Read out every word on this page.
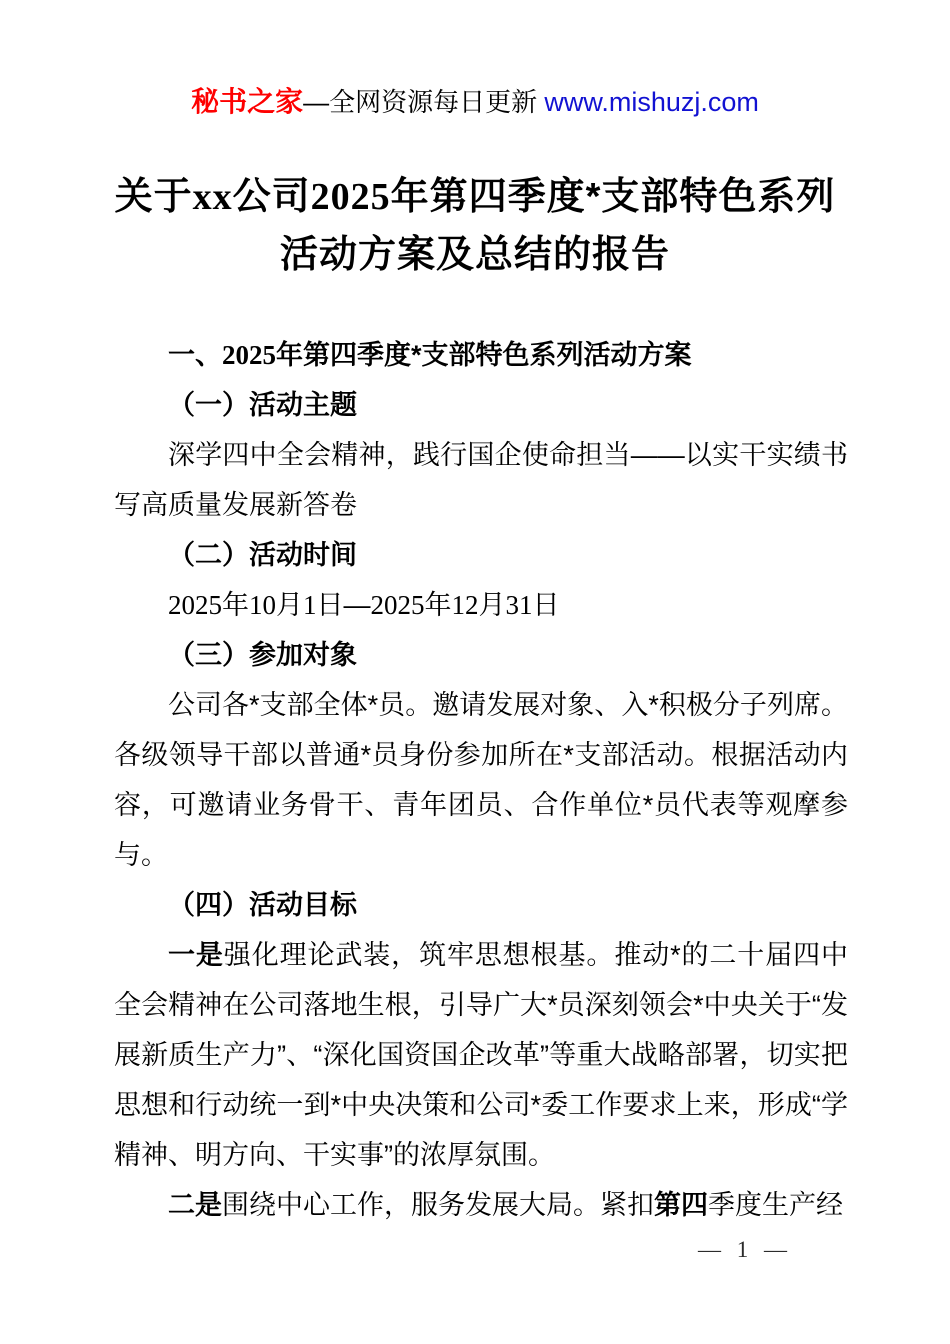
秘书之家—全网资源每日更新 www.mishuzj.com
关于xx公司2025年第四季度*支部特色系列
活动方案及总结的报告

一、2025年第四季度*支部特色系列活动方案

（一）活动主题

深学四中全会精神，践行国企使命担当——以实干实绩书写高质量发展新答卷

（二）活动时间

2025年10月1日—2025年12月31日

（三）参加对象

公司各*支部全体*员。邀请发展对象、入*积极分子列席。各级领导干部以普通*员身份参加所在*支部活动。根据活动内容，可邀请业务骨干、青年团员、合作单位*员代表等观摩参与。

（四）活动目标

一是强化理论武装，筑牢思想根基。推动*的二十届四中全会精神在公司落地生根，引导广大*员深刻领会*中央关于“发展新质生产力”、“深化国资国企改革”等重大战略部署，切实把思想和行动统一到*中央决策和公司*委工作要求上来，形成“学精神、明方向、干实事”的浓厚氛围。

二是围绕中心工作，服务发展大局。紧扣第四季度生产经

— 1 —
